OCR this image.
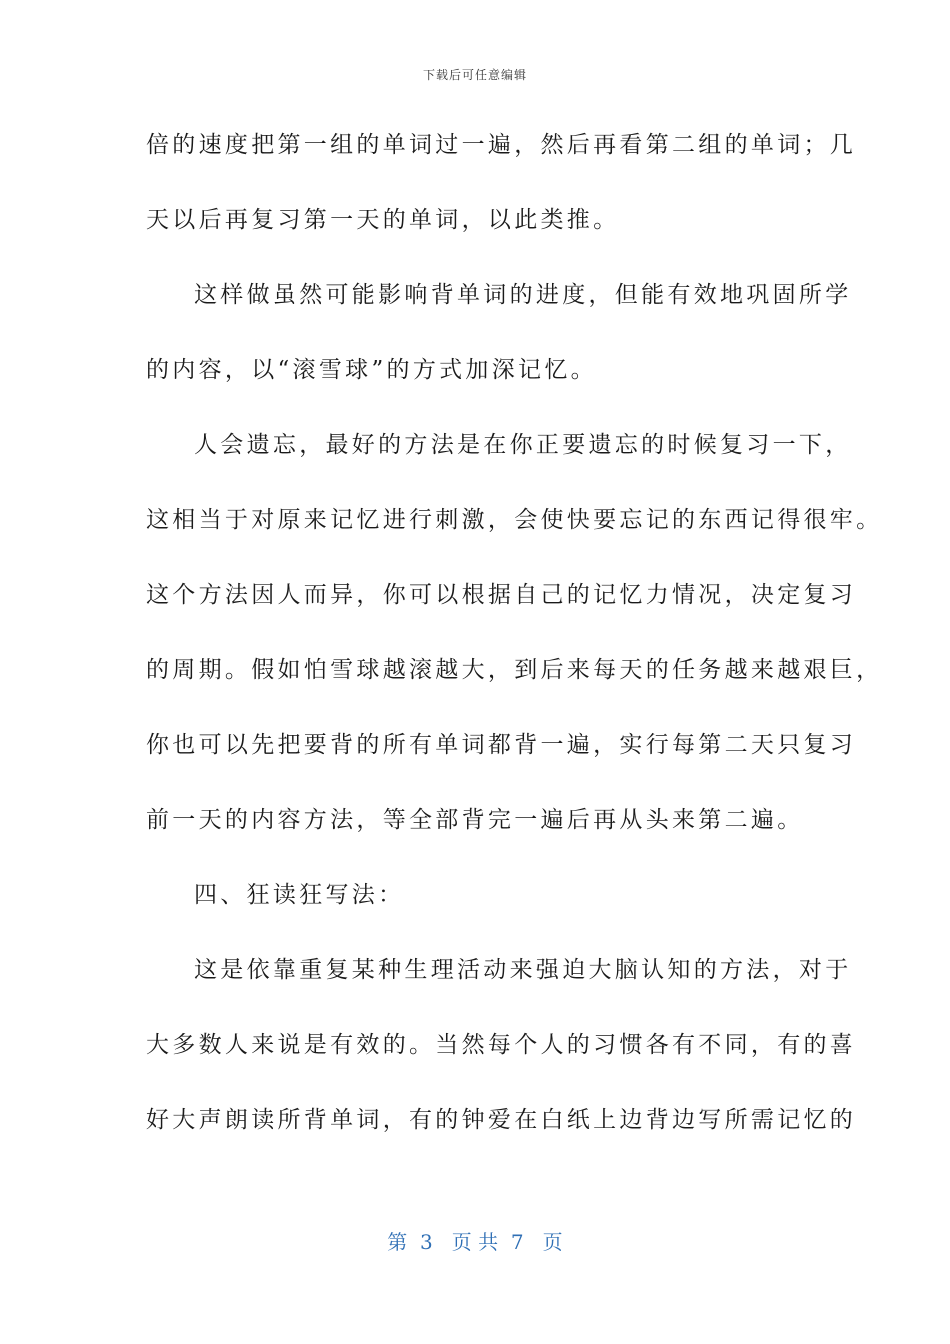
下载后可任意编辑
倍的速度把第一组的单词过一遍，然后再看第二组的单词；几
天以后再复习第一天的单词，以此类推。
这样做虽然可能影响背单词的进度，但能有效地巩固所学
的内容，以“滚雪球”的方式加深记忆。
人会遗忘，最好的方法是在你正要遗忘的时候复习一下，
这相当于对原来记忆进行刺激，会使快要忘记的东西记得很牢。
这个方法因人而异，你可以根据自己的记忆力情况，决定复习
的周期。假如怕雪球越滚越大，到后来每天的任务越来越艰巨，
你也可以先把要背的所有单词都背一遍，实行每第二天只复习
前一天的内容方法，等全部背完一遍后再从头来第二遍。
四、狂读狂写法：
这是依靠重复某种生理活动来强迫大脑认知的方法，对于
大多数人来说是有效的。当然每个人的习惯各有不同，有的喜
好大声朗读所背单词，有的钟爱在白纸上边背边写所需记忆的
第  3   页 共  7   页
